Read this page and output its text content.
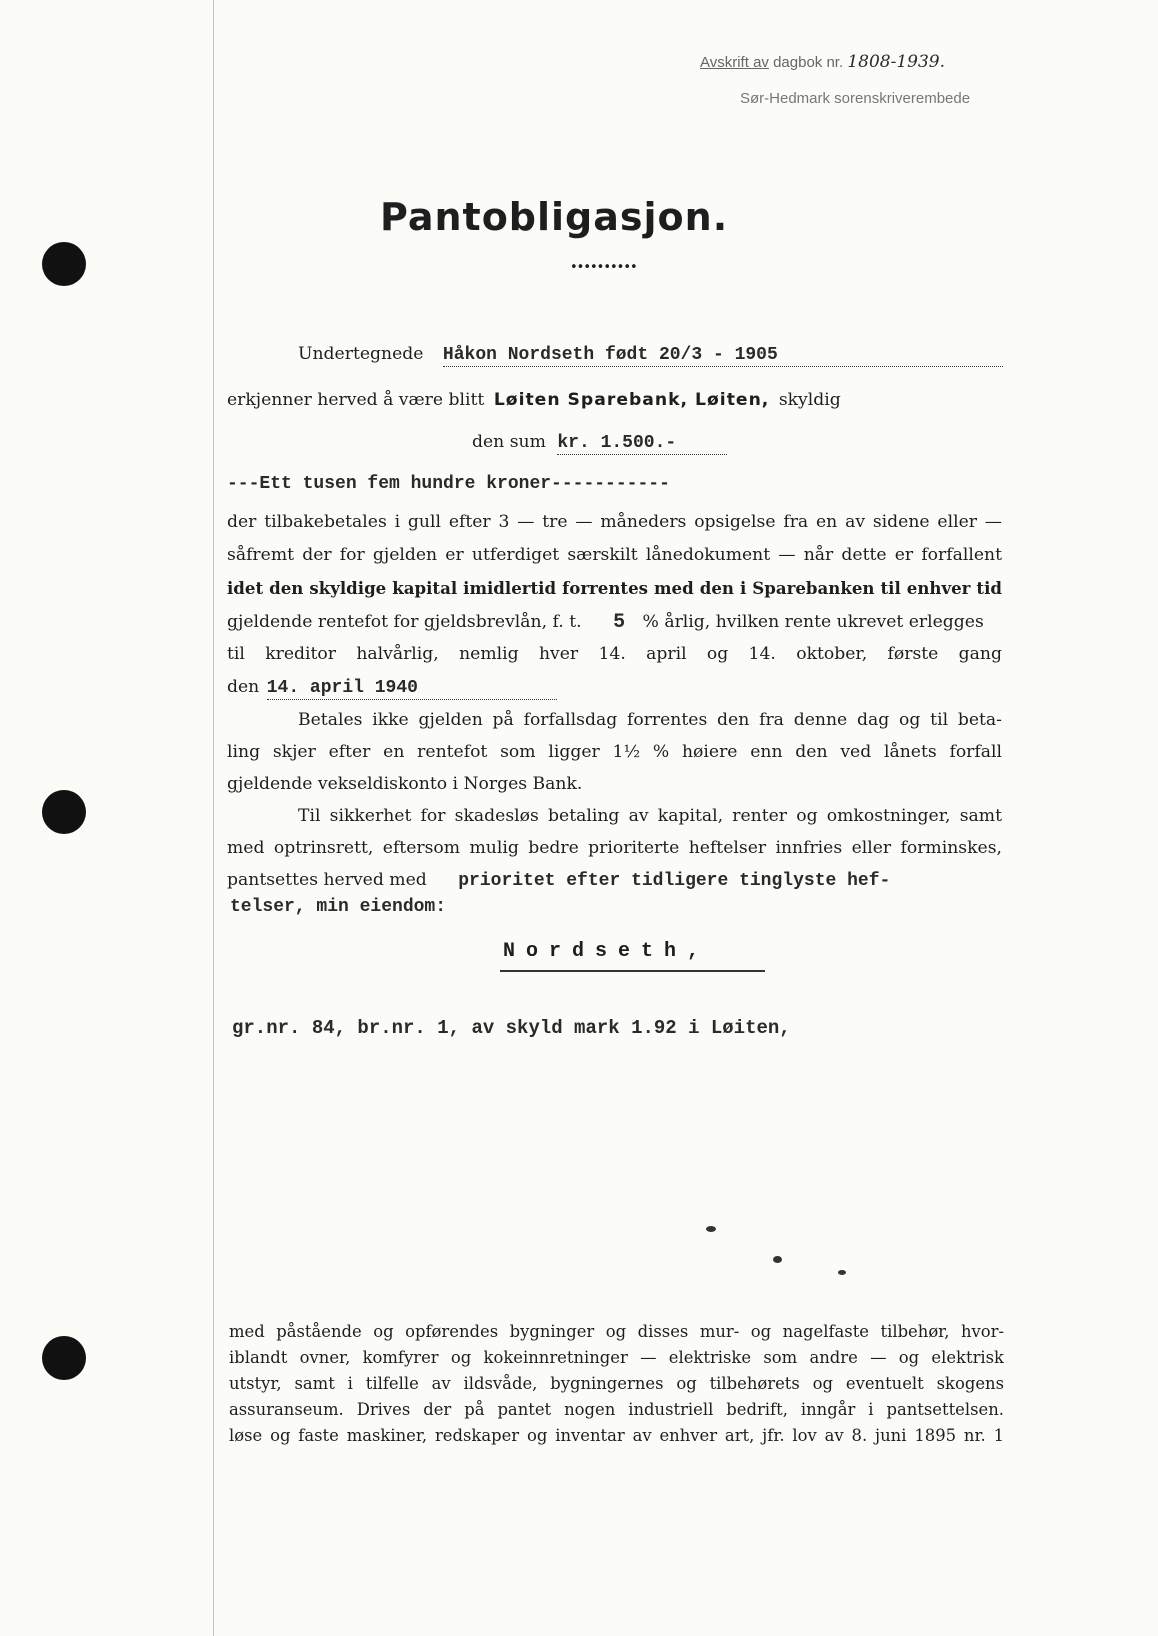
Avskrift av dagbok nr. 1808-1939.
Sør-Hedmark sorenskriverembede
Pantobligasjon.
••••••••••
Undertegnede Håkon Nordseth født 20/3 - 1905
erkjenner herved å være blitt Løiten Sparebank, Løiten, skyldig
den sum kr. 1.500.-
---Ett tusen fem hundre kroner-----------
der tilbakebetales i gull efter 3 — tre — måneders opsigelse fra en av sidene eller —
såfremt der for gjelden er utferdiget særskilt lånedokument — når dette er forfallent
idet den skyldige kapital imidlertid forrentes med den i Sparebanken til enhver tid
gjeldende rentefot for gjeldsbrevlån, f. t. 5 % årlig, hvilken rente ukrevet erlegges
til kreditor halvårlig, nemlig hver 14. april og 14. oktober, første gang
den 14. april 1940
Betales ikke gjelden på forfallsdag forrentes den fra denne dag og til beta-
ling skjer efter en rentefot som ligger 1½ % høiere enn den ved lånets forfall
gjeldende vekseldiskonto i Norges Bank.
Til sikkerhet for skadesløs betaling av kapital, renter og omkostninger, samt
med optrinsrett, eftersom mulig bedre prioriterte heftelser innfries eller forminskes,
pantsettes herved med prioritet efter tidligere tinglyste hef-
telser, min eiendom:
Nordseth,
gr.nr. 84, br.nr. 1, av skyld mark 1.92 i Løiten,
med påstående og opførendes bygninger og disses mur- og nagelfaste tilbehør, hvor-
iblandt ovner, komfyrer og kokeinnretninger — elektriske som andre — og elektrisk
utstyr, samt i tilfelle av ildsvåde, bygningernes og tilbehørets og eventuelt skogens
assuranseum. Drives der på pantet nogen industriell bedrift, inngår i pantsettelsen.
løse og faste maskiner, redskaper og inventar av enhver art, jfr. lov av 8. juni 1895 nr. 1
